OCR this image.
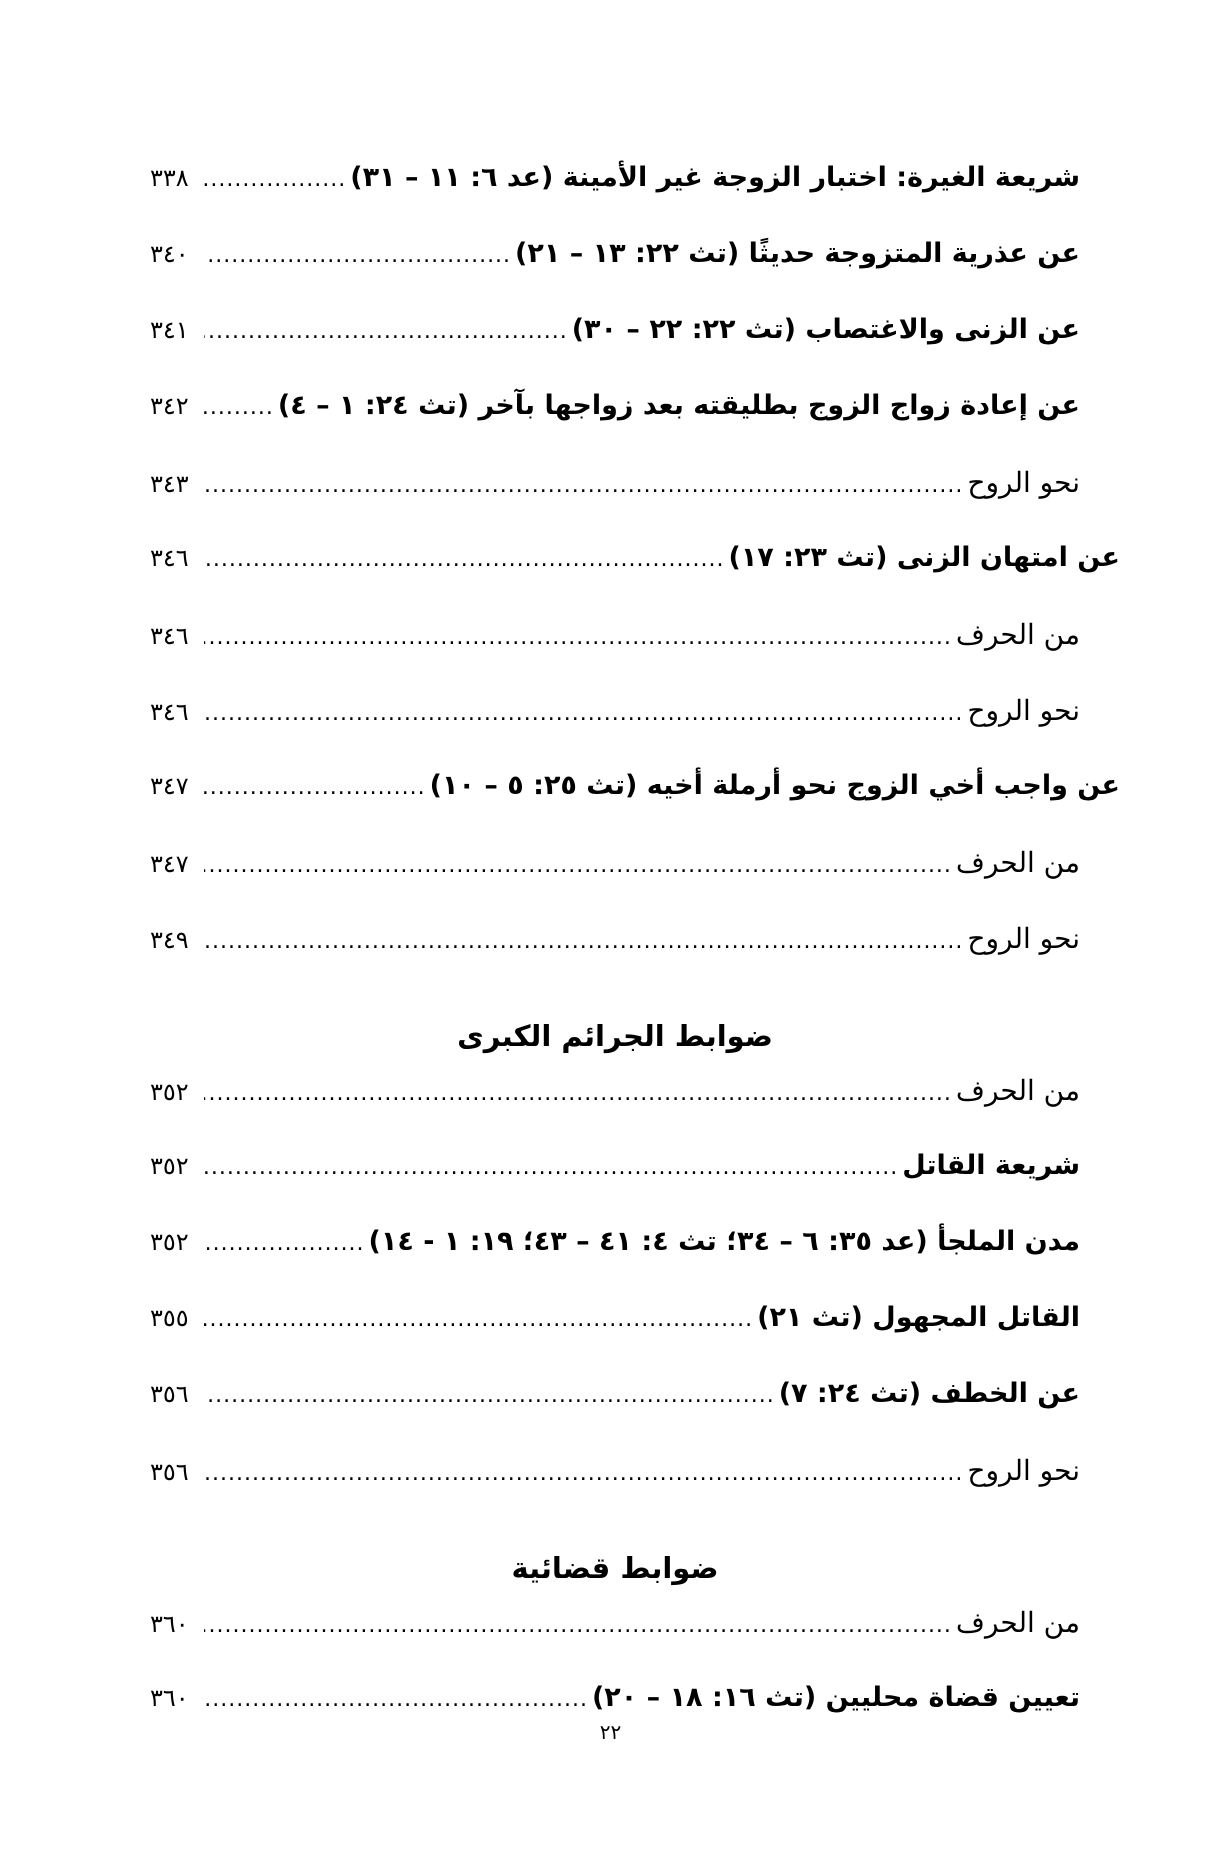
شريعة الغيرة: اختبار الزوجة غير الأمينة (عد ٦: ١١ – ٣١)
.....
٣٣٨
عن عذرية المتزوجة حديثًا (تث ٢٢: ١٣ – ٢١)
.....
٣٤٠
عن الزنى والاغتصاب (تث ٢٢: ٢٢ – ٣٠)
.....
٣٤١
عن إعادة زواج الزوج بطليقته بعد زواجها بآخر (تث ٢٤: ١ – ٤)
.....
٣٤٢
نحو الروح
.....
٣٤٣
عن امتهان الزنى (تث ٢٣: ١٧)
.....
٣٤٦
من الحرف
.....
٣٤٦
نحو الروح
.....
٣٤٦
عن واجب أخي الزوج نحو أرملة أخيه (تث ٢٥: ٥ – ١٠)
.....
٣٤٧
من الحرف
.....
٣٤٧
نحو الروح
.....
٣٤٩
ضوابط الجرائم الكبرى
من الحرف
.....
٣٥٢
شريعة القاتل
.....
٣٥٢
مدن الملجأ (عد ٣٥: ٦ – ٣٤؛ تث ٤: ٤١ – ٤٣؛ ١٩: ١ - ١٤)
.....
٣٥٢
القاتل المجهول (تث ٢١)
.....
٣٥٥
عن الخطف (تث ٢٤: ٧)
.....
٣٥٦
نحو الروح
.....
٣٥٦
ضوابط قضائية
من الحرف
.....
٣٦٠
تعيين قضاة محليين (تث ١٦: ١٨ – ٢٠)
.....
٣٦٠
٢٢
